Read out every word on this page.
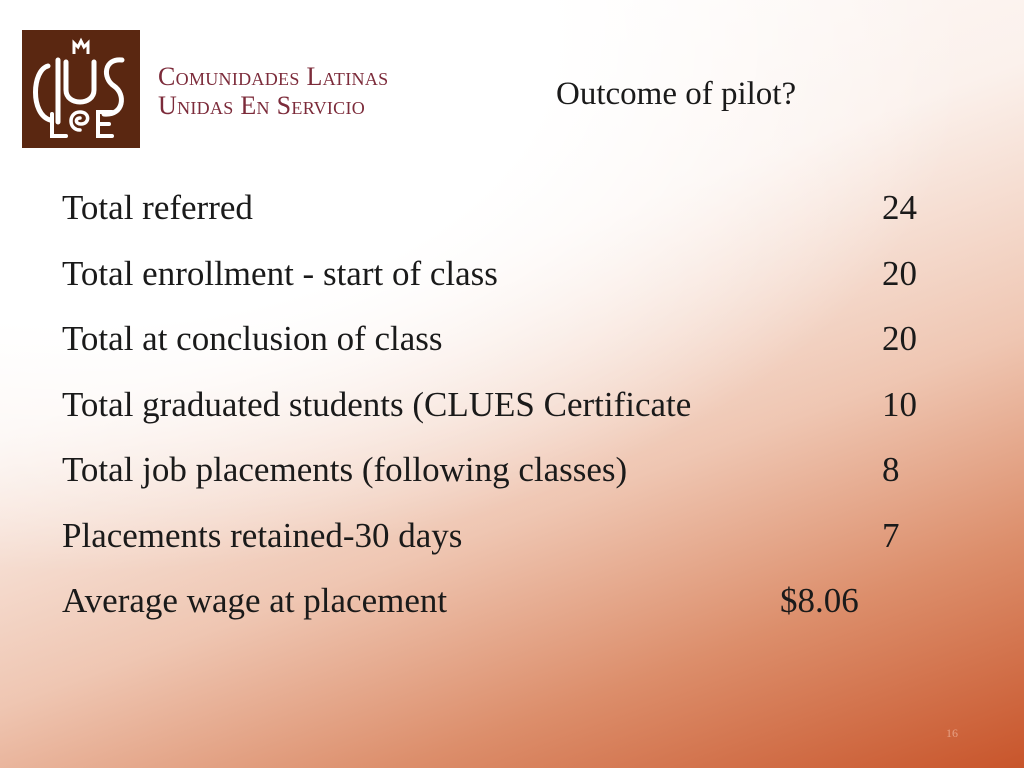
Comunidades Latinas
Unidas En Servicio	Outcome of pilot?
Total referred	24
Total enrollment - start of class	20
Total at conclusion of class	20
Total graduated students (CLUES Certificate	10
Total job placements (following classes)	8
Placements retained-30 days	7
Average wage at placement	$8.06
16
